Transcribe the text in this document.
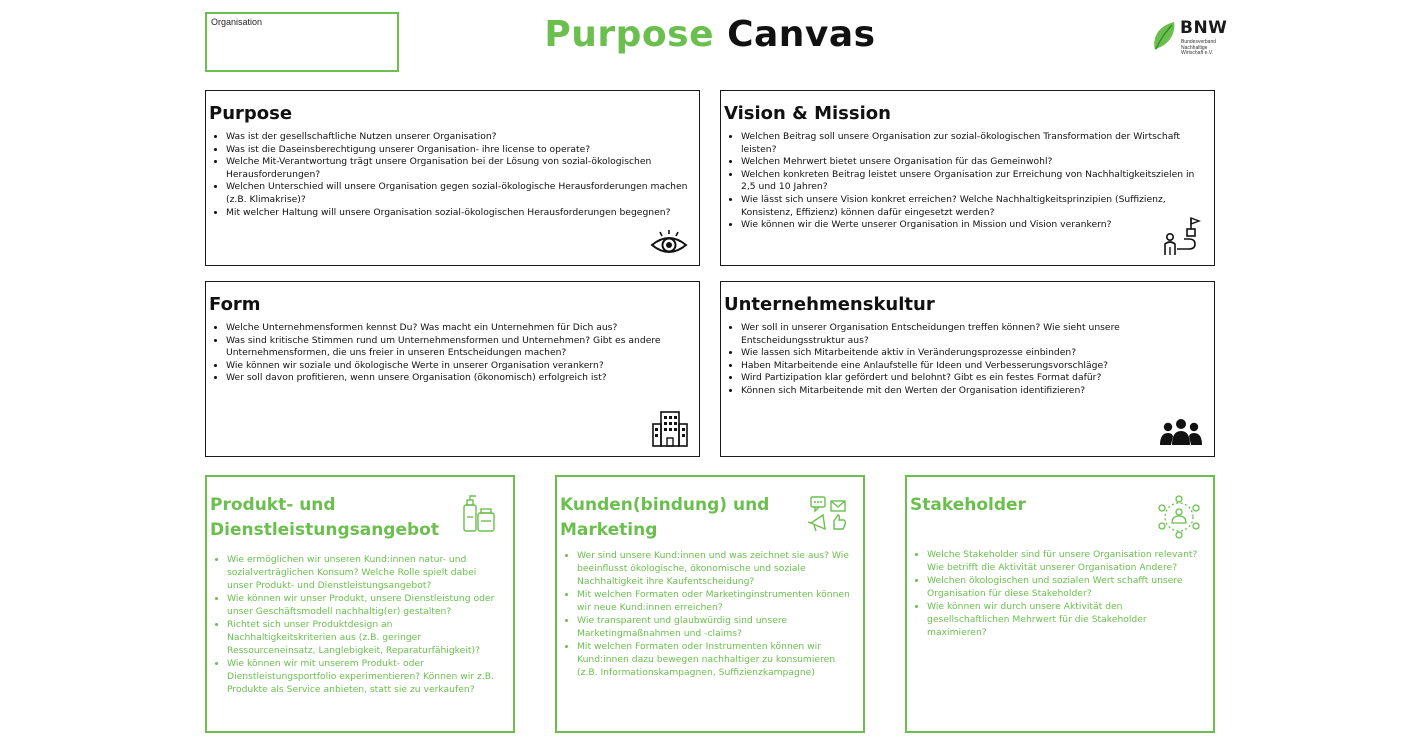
Organisation	Purpose Canvas	BNW
Bundesverband
Nachhaltige
Wirtschaft e.V.
Purpose
• Was ist der gesellschaftliche Nutzen unserer Organisation?
• Was ist die Daseinsberechtigung unserer Organisation- ihre license to operate?
• Welche Mit-Verantwortung trägt unsere Organisation bei der Lösung von sozial-ökologischen Herausforderungen?
• Welchen Unterschied will unsere Organisation gegen sozial-ökologische Herausforderungen machen (z.B. Klimakrise)?
• Mit welcher Haltung will unsere Organisation sozial-ökologischen Herausforderungen begegnen?
Vision & Mission
• Welchen Beitrag soll unsere Organisation zur sozial-ökologischen Transformation der Wirtschaft leisten?
• Welchen Mehrwert bietet unsere Organisation für das Gemeinwohl?
• Welchen konkreten Beitrag leistet unsere Organisation zur Erreichung von Nachhaltigkeitszielen in 2,5 und 10 Jahren?
• Wie lässt sich unsere Vision konkret erreichen? Welche Nachhaltigkeitsprinzipien (Suffizienz, Konsistenz, Effizienz) können dafür eingesetzt werden?
• Wie können wir die Werte unserer Organisation in Mission und Vision verankern?
Form
• Welche Unternehmensformen kennst Du? Was macht ein Unternehmen für Dich aus?
• Was sind kritische Stimmen rund um Unternehmensformen und Unternehmen? Gibt es andere Unternehmensformen, die uns freier in unseren Entscheidungen machen?
• Wie können wir soziale und ökologische Werte in unserer Organisation verankern?
• Wer soll davon profitieren, wenn unsere Organisation (ökonomisch) erfolgreich ist?
Unternehmenskultur
• Wer soll in unserer Organisation Entscheidungen treffen können? Wie sieht unsere Entscheidungsstruktur aus?
• Wie lassen sich Mitarbeitende aktiv in Veränderungsprozesse einbinden?
• Haben Mitarbeitende eine Anlaufstelle für Ideen und Verbesserungsvorschläge?
• Wird Partizipation klar gefördert und belohnt? Gibt es ein festes Format dafür?
• Können sich Mitarbeitende mit den Werten der Organisation identifizieren?
Produkt- und Dienstleistungsangebot
• Wie ermöglichen wir unseren Kund:innen natur- und sozialverträglichen Konsum? Welche Rolle spielt dabei unser Produkt- und Dienstleistungsangebot?
• Wie können wir unser Produkt, unsere Dienstleistung oder unser Geschäftsmodell nachhaltig(er) gestalten?
• Richtet sich unser Produktdesign an Nachhaltigkeitskriterien aus (z.B. geringer Ressourceneinsatz, Langlebigkeit, Reparaturfähigkeit)?
• Wie können wir mit unserem Produkt- oder Dienstleistungsportfolio experimentieren? Können wir z.B. Produkte als Service anbieten, statt sie zu verkaufen?
Kunden(bindung) und Marketing
• Wer sind unsere Kund:innen und was zeichnet sie aus? Wie beeinflusst ökologische, ökonomische und soziale Nachhaltigkeit ihre Kaufentscheidung?
• Mit welchen Formaten oder Marketinginstrumenten können wir neue Kund:innen erreichen?
• Wie transparent und glaubwürdig sind unsere Marketingmaßnahmen und -claims?
• Mit welchen Formaten oder Instrumenten können wir Kund:innen dazu bewegen nachhaltiger zu konsumieren (z.B. Informationskampagnen, Suffizienzkampagne)
Stakeholder
• Welche Stakeholder sind für unsere Organisation relevant? Wie betrifft die Aktivität unserer Organisation Andere?
• Welchen ökologischen und sozialen Wert schafft unsere Organisation für diese Stakeholder?
• Wie können wir durch unsere Aktivität den gesellschaftlichen Mehrwert für die Stakeholder maximieren?
